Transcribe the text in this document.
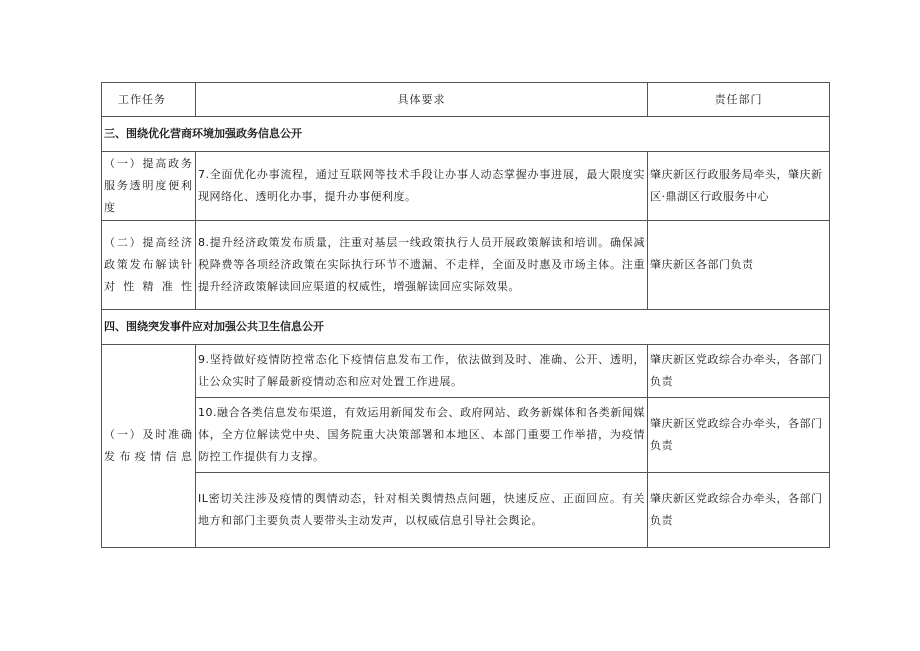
工作任务	具体要求	责任部门
三、围绕优化营商环境加强政务信息公开		
（一）提高政务服务透明度便利度	7.全面优化办事流程，通过互联网等技术手段让办事人动态掌握办事进展，最大限度实现网络化、透明化办事，提升办事便利度。	肇庆新区行政服务局牵头，肇庆新区·鼎湖区行政服务中心
（二）提高经济政策发布解读针对性精准性	8.提升经济政策发布质量，注重对基层一线政策执行人员开展政策解读和培训。确保减税降费等各项经济政策在实际执行环节不遗漏、不走样，全面及时惠及市场主体。注重提升经济政策解读回应渠道的权威性，增强解读回应实际效果。	肇庆新区各部门负责
四、围绕突发事件应对加强公共卫生信息公开		
（一）及时准确发布疫情信息	9.坚持做好疫情防控常态化下疫情信息发布工作，依法做到及时、准确、公开、透明，让公众实时了解最新疫情动态和应对处置工作进展。	肇庆新区党政综合办牵头，各部门负责
	10.融合各类信息发布渠道，有效运用新闻发布会、政府网站、政务新媒体和各类新闻媒体，全方位解读党中央、国务院重大决策部署和本地区、本部门重要工作举措，为疫情防控工作提供有力支撑。	肇庆新区党政综合办牵头，各部门负责
	IL密切关注涉及疫情的舆情动态，针对相关舆情热点问题，快速反应、正面回应。有关地方和部门主要负责人要带头主动发声，以权威信息引导社会舆论。	肇庆新区党政综合办牵头，各部门负责
